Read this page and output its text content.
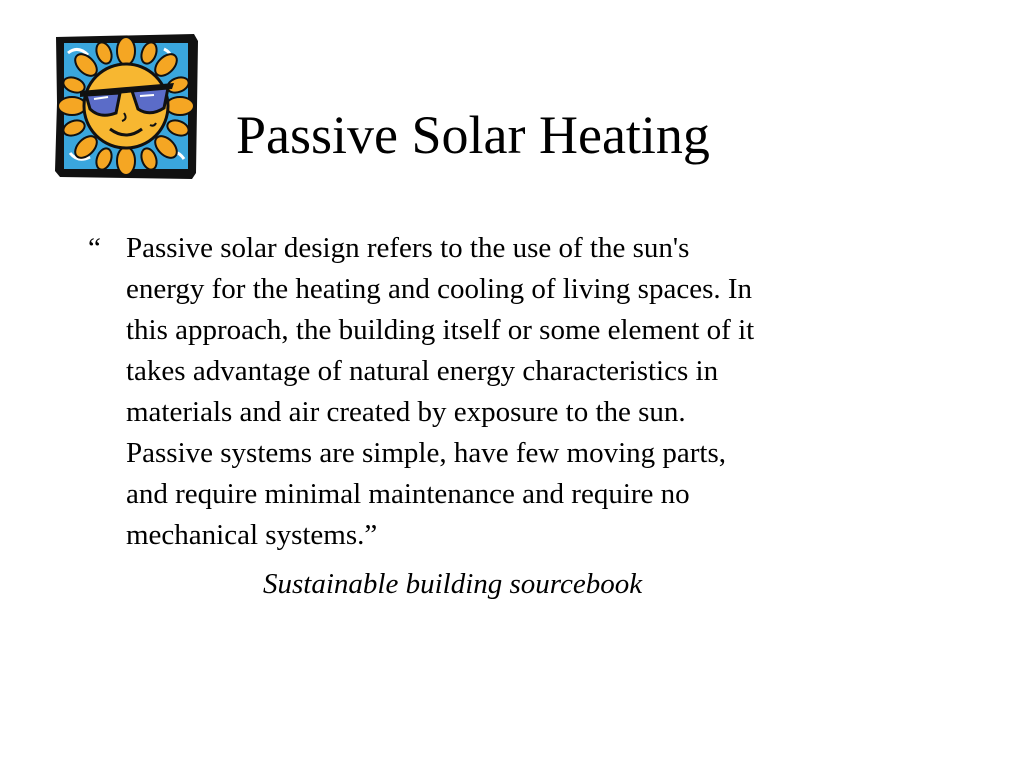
Passive Solar Heating
“ Passive solar design refers to the use of the sun's
energy for the heating and cooling of living spaces. In
this approach, the building itself or some element of it
takes advantage of natural energy characteristics in
materials and air created by exposure to the sun.
Passive systems are simple, have few moving parts,
and require minimal maintenance and require no
mechanical systems.”

Sustainable building sourcebook
